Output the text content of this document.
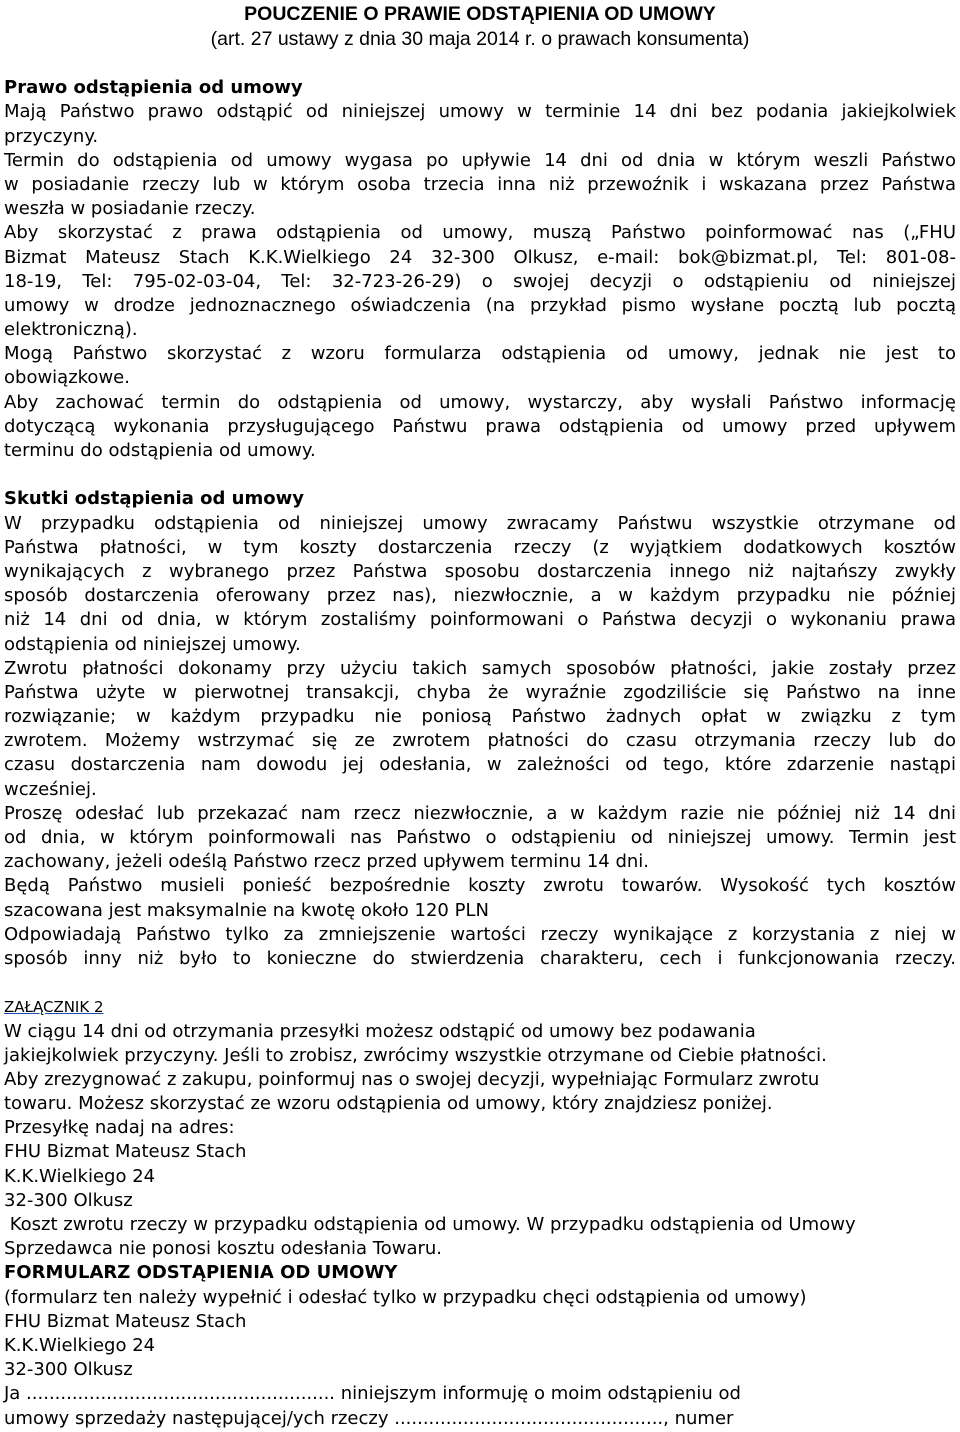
POUCZENIE O PRAWIE ODSTĄPIENIA OD UMOWY
(art. 27 ustawy z dnia 30 maja 2014 r. o prawach konsumenta)
Prawo odstąpienia od umowy
Mają Państwo prawo odstąpić od niniejszej umowy w terminie 14 dni bez podania jakiejkolwiek
przyczyny.
Termin do odstąpienia od umowy wygasa po upływie 14 dni od dnia w którym weszli Państwo
w posiadanie rzeczy lub w którym osoba trzecia inna niż przewoźnik i wskazana przez Państwa
weszła w posiadanie rzeczy.
Aby skorzystać z prawa odstąpienia od umowy, muszą Państwo poinformować nas („FHU
Bizmat Mateusz Stach K.K.Wielkiego 24 32-300 Olkusz, e-mail: bok@bizmat.pl, Tel: 801-08-
18-19, Tel: 795-02-03-04, Tel: 32-723-26-29) o swojej decyzji o odstąpieniu od niniejszej
umowy w drodze jednoznacznego oświadczenia (na przykład pismo wysłane pocztą lub pocztą
elektroniczną).
Mogą Państwo skorzystać z wzoru formularza odstąpienia od umowy, jednak nie jest to
obowiązkowe.
Aby zachować termin do odstąpienia od umowy, wystarczy, aby wysłali Państwo informację
dotyczącą wykonania przysługującego Państwu prawa odstąpienia od umowy przed upływem
terminu do odstąpienia od umowy.
Skutki odstąpienia od umowy
W przypadku odstąpienia od niniejszej umowy zwracamy Państwu wszystkie otrzymane od
Państwa płatności, w tym koszty dostarczenia rzeczy (z wyjątkiem dodatkowych kosztów
wynikających z wybranego przez Państwa sposobu dostarczenia innego niż najtańszy zwykły
sposób dostarczenia oferowany przez nas), niezwłocznie, a w każdym przypadku nie później
niż 14 dni od dnia, w którym zostaliśmy poinformowani o Państwa decyzji o wykonaniu prawa
odstąpienia od niniejszej umowy.
Zwrotu płatności dokonamy przy użyciu takich samych sposobów płatności, jakie zostały przez
Państwa użyte w pierwotnej transakcji, chyba że wyraźnie zgodziliście się Państwo na inne
rozwiązanie; w każdym przypadku nie poniosą Państwo żadnych opłat w związku z tym
zwrotem. Możemy wstrzymać się ze zwrotem płatności do czasu otrzymania rzeczy lub do
czasu dostarczenia nam dowodu jej odesłania, w zależności od tego, które zdarzenie nastąpi
wcześniej.
Proszę odesłać lub przekazać nam rzecz niezwłocznie, a w każdym razie nie później niż 14 dni
od dnia, w którym poinformowali nas Państwo o odstąpieniu od niniejszej umowy. Termin jest
zachowany, jeżeli odeślą Państwo rzecz przed upływem terminu 14 dni.
Będą Państwo musieli ponieść bezpośrednie koszty zwrotu towarów. Wysokość tych kosztów
szacowana jest maksymalnie na kwotę około 120 PLN
Odpowiadają Państwo tylko za zmniejszenie wartości rzeczy wynikające z korzystania z niej w
sposób inny niż było to konieczne do stwierdzenia charakteru, cech i funkcjonowania rzeczy.
ZAŁĄCZNIK 2
W ciągu 14 dni od otrzymania przesyłki możesz odstąpić od umowy bez podawania
jakiejkolwiek przyczyny. Jeśli to zrobisz, zwrócimy wszystkie otrzymane od Ciebie płatności.
Aby zrezygnować z zakupu, poinformuj nas o swojej decyzji, wypełniając Formularz zwrotu
towaru. Możesz skorzystać ze wzoru odstąpienia od umowy, który znajdziesz poniżej.
Przesyłkę nadaj na adres:
FHU Bizmat Mateusz Stach
K.K.Wielkiego 24
32-300 Olkusz
Koszt zwrotu rzeczy w przypadku odstąpienia od umowy. W przypadku odstąpienia od Umowy
Sprzedawca nie ponosi kosztu odesłania Towaru.
FORMULARZ ODSTĄPIENIA OD UMOWY
(formularz ten należy wypełnić i odesłać tylko w przypadku chęci odstąpienia od umowy)
FHU Bizmat Mateusz Stach
K.K.Wielkiego 24
32-300 Olkusz
Ja ...................................................... niniejszym informuję o moim odstąpieniu od
umowy sprzedaży następującej/ych rzeczy ..............................................., numer
